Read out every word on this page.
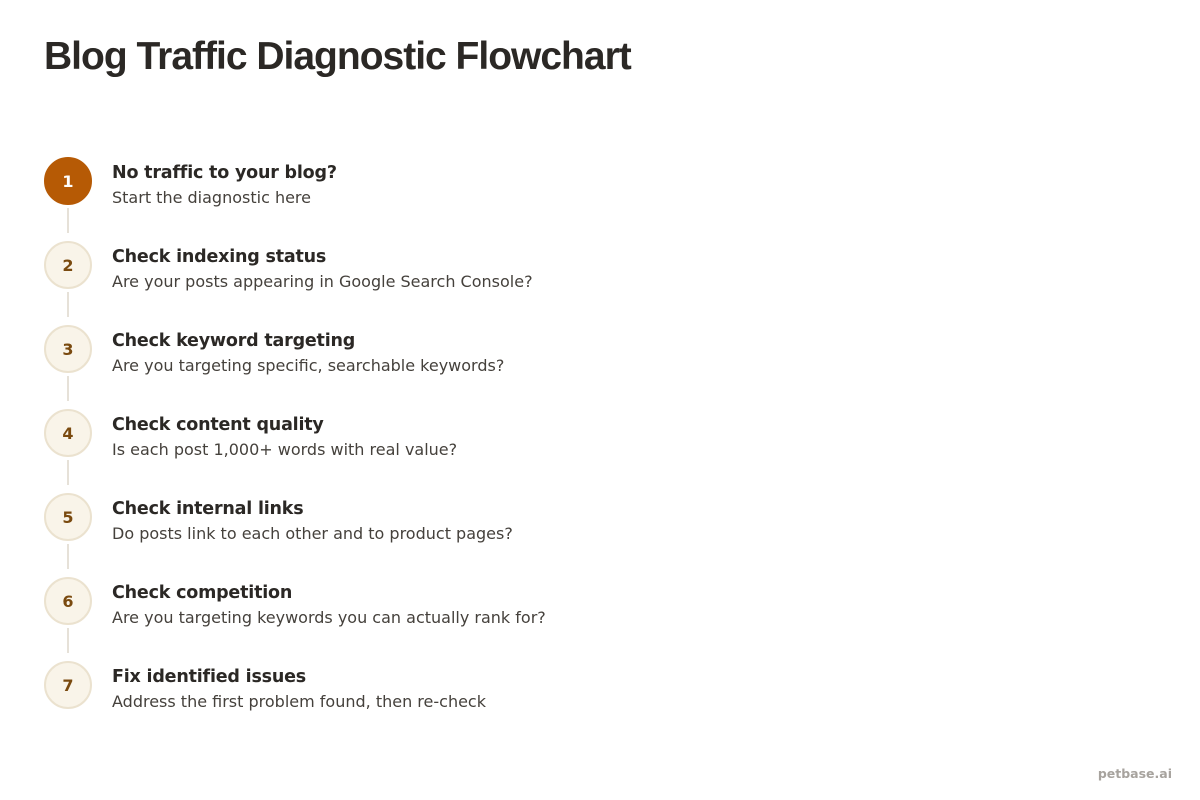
Blog Traffic Diagnostic Flowchart
1	No traffic to your blog?
Start the diagnostic here
2	Check indexing status
Are your posts appearing in Google Search Console?
3	Check keyword targeting
Are you targeting specific, searchable keywords?
4	Check content quality
Is each post 1,000+ words with real value?
5	Check internal links
Do posts link to each other and to product pages?
6	Check competition
Are you targeting keywords you can actually rank for?
7	Fix identified issues
Address the first problem found, then re-check
petbase.ai
